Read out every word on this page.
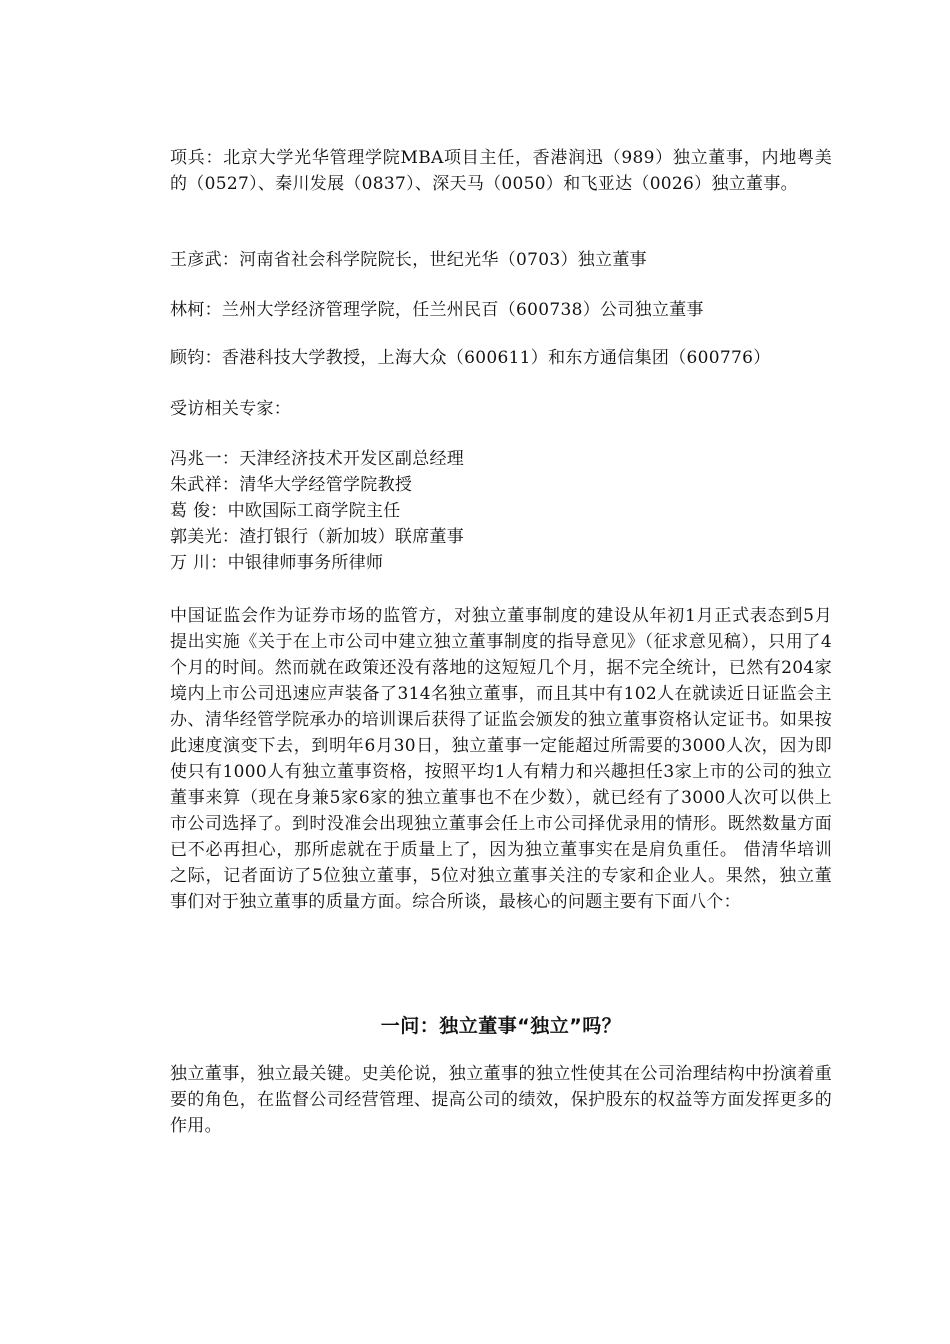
项兵：北京大学光华管理学院MBA项目主任，香港润迅（989）独立董事，内地粤美的（0527）、秦川发展（0837）、深天马（0050）和飞亚达（0026）独立董事。
王彦武：河南省社会科学院院长，世纪光华（0703）独立董事
林柯：兰州大学经济管理学院，任兰州民百（600738）公司独立董事
顾钧：香港科技大学教授，上海大众（600611）和东方通信集团（600776）
受访相关专家：
冯兆一：天津经济技术开发区副总经理
朱武祥：清华大学经管学院教授
葛 俊：中欧国际工商学院主任
郭美光：渣打银行（新加坡）联席董事
万 川：中银律师事务所律师
中国证监会作为证券市场的监管方，对独立董事制度的建设从年初1月正式表态到5月提出实施《关于在上市公司中建立独立董事制度的指导意见》（征求意见稿），只用了4个月的时间。然而就在政策还没有落地的这短短几个月，据不完全统计，已然有204家境内上市公司迅速应声装备了314名独立董事，而且其中有102人在就读近日证监会主办、清华经管学院承办的培训课后获得了证监会颁发的独立董事资格认定证书。如果按此速度演变下去，到明年6月30日，独立董事一定能超过所需要的3000人次，因为即使只有1000人有独立董事资格，按照平均1人有精力和兴趣担任3家上市的公司的独立董事来算（现在身兼5家6家的独立董事也不在少数），就已经有了3000人次可以供上市公司选择了。到时没准会出现独立董事会任上市公司择优录用的情形。既然数量方面已不必再担心，那所虑就在于质量上了，因为独立董事实在是肩负重任。 借清华培训之际，记者面访了5位独立董事，5位对独立董事关注的专家和企业人。果然，独立董事们对于独立董事的质量方面。综合所谈，最核心的问题主要有下面八个：
一问：独立董事“独立”吗？
独立董事，独立最关键。史美伦说，独立董事的独立性使其在公司治理结构中扮演着重要的角色，在监督公司经营管理、提高公司的绩效，保护股东的权益等方面发挥更多的作用。
